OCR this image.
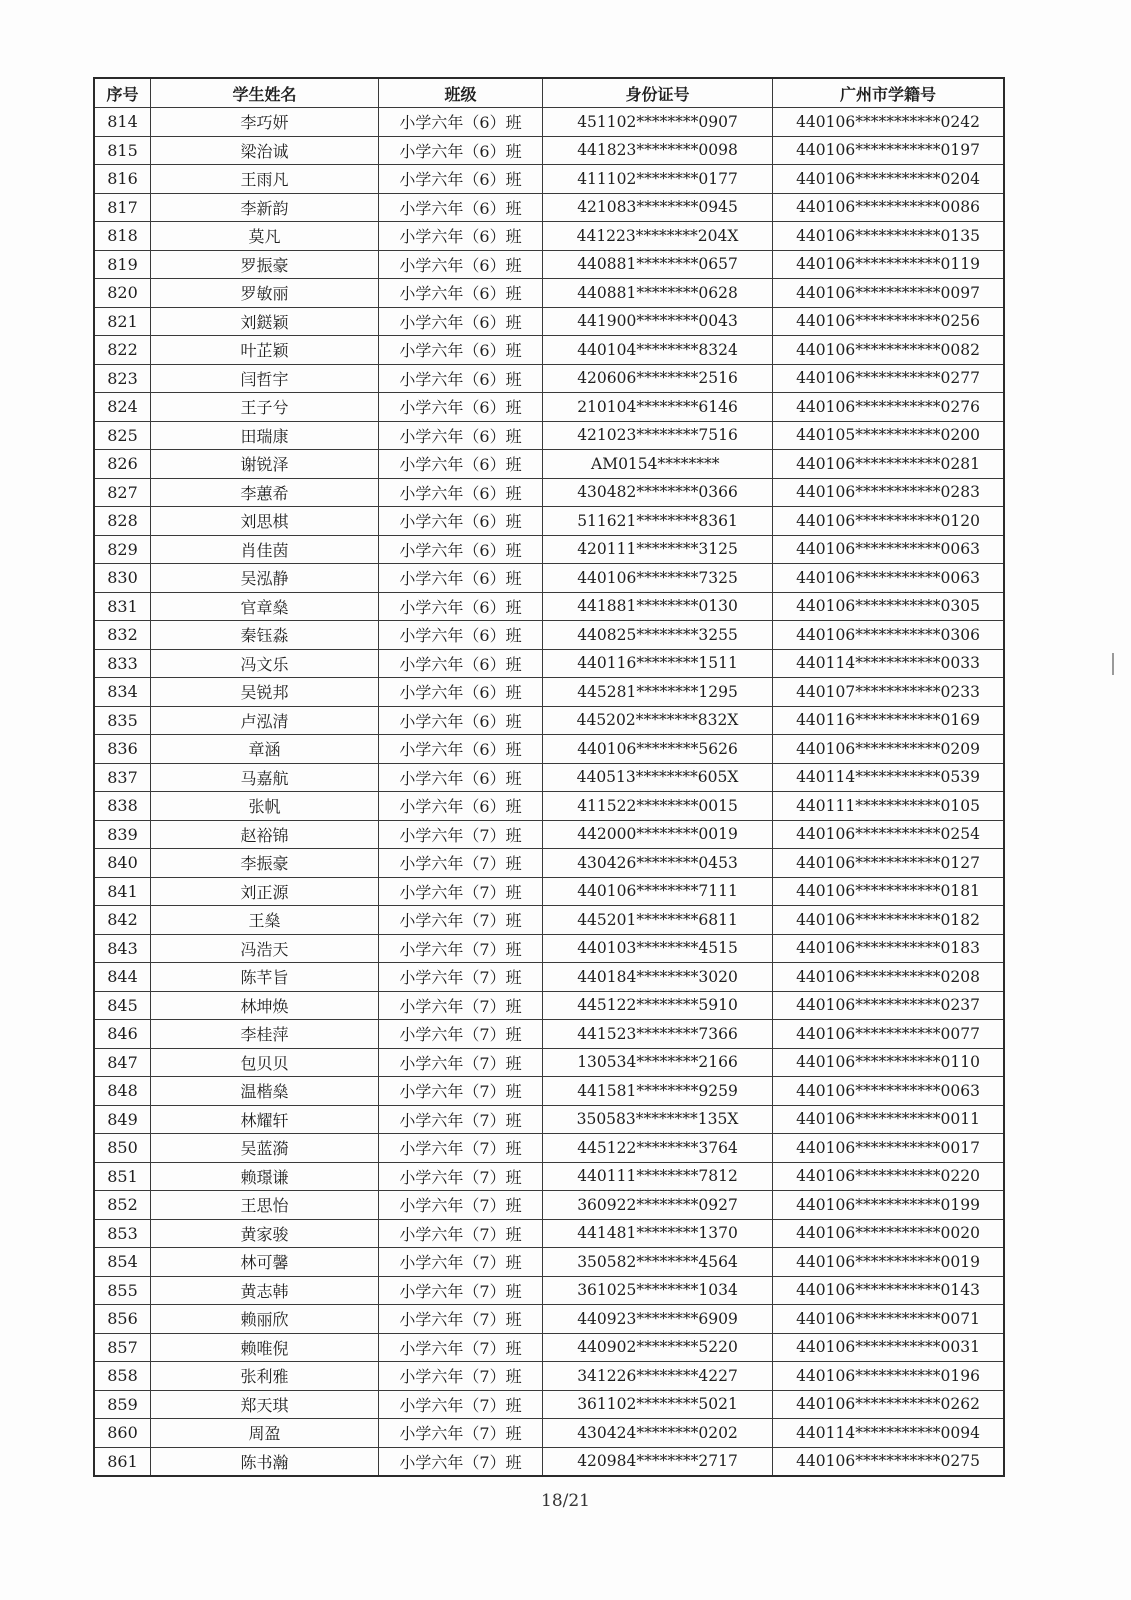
序号	学生姓名	班级	身份证号	广州市学籍号
814	李巧妍	小学六年（6）班	451102********0907	440106***********0242
815	梁治诚	小学六年（6）班	441823********0098	440106***********0197
816	王雨凡	小学六年（6）班	411102********0177	440106***********0204
817	李新韵	小学六年（6）班	421083********0945	440106***********0086
818	莫凡	小学六年（6）班	441223********204X	440106***********0135
819	罗振豪	小学六年（6）班	440881********0657	440106***********0119
820	罗敏丽	小学六年（6）班	440881********0628	440106***********0097
821	刘鎹颖	小学六年（6）班	441900********0043	440106***********0256
822	叶芷颖	小学六年（6）班	440104********8324	440106***********0082
823	闫哲宇	小学六年（6）班	420606********2516	440106***********0277
824	王子兮	小学六年（6）班	210104********6146	440106***********0276
825	田瑞康	小学六年（6）班	421023********7516	440105***********0200
826	谢锐泽	小学六年（6）班	AM0154********	440106***********0281
827	李蕙希	小学六年（6）班	430482********0366	440106***********0283
828	刘思棋	小学六年（6）班	511621********8361	440106***********0120
829	肖佳茵	小学六年（6）班	420111********3125	440106***********0063
830	吴泓静	小学六年（6）班	440106********7325	440106***********0063
831	官章燊	小学六年（6）班	441881********0130	440106***********0305
832	秦钰淼	小学六年（6）班	440825********3255	440106***********0306
833	冯文乐	小学六年（6）班	440116********1511	440114***********0033
834	吴锐邦	小学六年（6）班	445281********1295	440107***********0233
835	卢泓清	小学六年（6）班	445202********832X	440116***********0169
836	章涵	小学六年（6）班	440106********5626	440106***********0209
837	马嘉航	小学六年（6）班	440513********605X	440114***********0539
838	张帆	小学六年（6）班	411522********0015	440111***********0105
839	赵裕锦	小学六年（7）班	442000********0019	440106***********0254
840	李振豪	小学六年（7）班	430426********0453	440106***********0127
841	刘正源	小学六年（7）班	440106********7111	440106***********0181
842	王燊	小学六年（7）班	445201********6811	440106***********0182
843	冯浩天	小学六年（7）班	440103********4515	440106***********0183
844	陈芊旨	小学六年（7）班	440184********3020	440106***********0208
845	林坤焕	小学六年（7）班	445122********5910	440106***********0237
846	李桂萍	小学六年（7）班	441523********7366	440106***********0077
847	包贝贝	小学六年（7）班	130534********2166	440106***********0110
848	温楷燊	小学六年（7）班	441581********9259	440106***********0063
849	林耀轩	小学六年（7）班	350583********135X	440106***********0011
850	吴蓝漪	小学六年（7）班	445122********3764	440106***********0017
851	赖璟谦	小学六年（7）班	440111********7812	440106***********0220
852	王思怡	小学六年（7）班	360922********0927	440106***********0199
853	黄家骏	小学六年（7）班	441481********1370	440106***********0020
854	林可馨	小学六年（7）班	350582********4564	440106***********0019
855	黄志韩	小学六年（7）班	361025********1034	440106***********0143
856	赖丽欣	小学六年（7）班	440923********6909	440106***********0071
857	赖唯倪	小学六年（7）班	440902********5220	440106***********0031
858	张利雅	小学六年（7）班	341226********4227	440106***********0196
859	郑天琪	小学六年（7）班	361102********5021	440106***********0262
860	周盈	小学六年（7）班	430424********0202	440114***********0094
861	陈书瀚	小学六年（7）班	420984********2717	440106***********0275
18/21
